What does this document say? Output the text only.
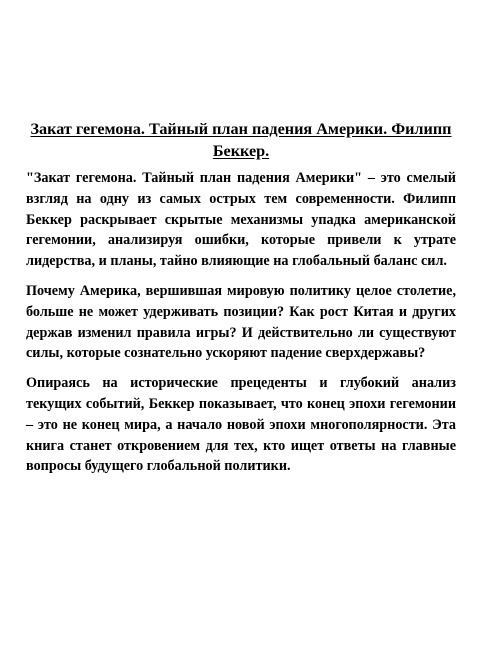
Закат гегемона. Тайный план падения Америки. Филипп Беккер.

"Закат гегемона. Тайный план падения Америки" – это смелый взгляд на одну из самых острых тем современности. Филипп Беккер раскрывает скрытые механизмы упадка американской гегемонии, анализируя ошибки, которые привели к утрате лидерства, и планы, тайно влияющие на глобальный баланс сил.

Почему Америка, вершившая мировую политику целое столетие, больше не может удерживать позиции? Как рост Китая и других держав изменил правила игры? И действительно ли существуют силы, которые сознательно ускоряют падение сверхдержавы?

Опираясь на исторические прецеденты и глубокий анализ текущих событий, Беккер показывает, что конец эпохи гегемонии – это не конец мира, а начало новой эпохи многополярности. Эта книга станет откровением для тех, кто ищет ответы на главные вопросы будущего глобальной политики.
